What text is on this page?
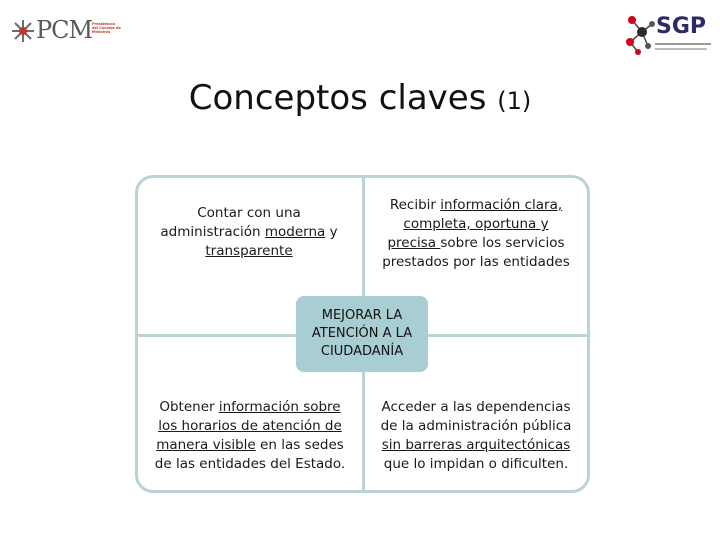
PCM Presidencia del Consejo de Ministros	SGP
Conceptos claves (1)
Contar con una
administración moderna y
transparente
Recibir información clara,
completa, oportuna y
precisa sobre los servicios
prestados por las entidades
Obtener información sobre
los horarios de atención de
manera visible en las sedes
de las entidades del Estado.
Acceder a las dependencias
de la administración pública
sin barreras arquitectónicas
que lo impidan o dificulten.
MEJORAR LA
ATENCIÓN A LA
CIUDADANÍA
